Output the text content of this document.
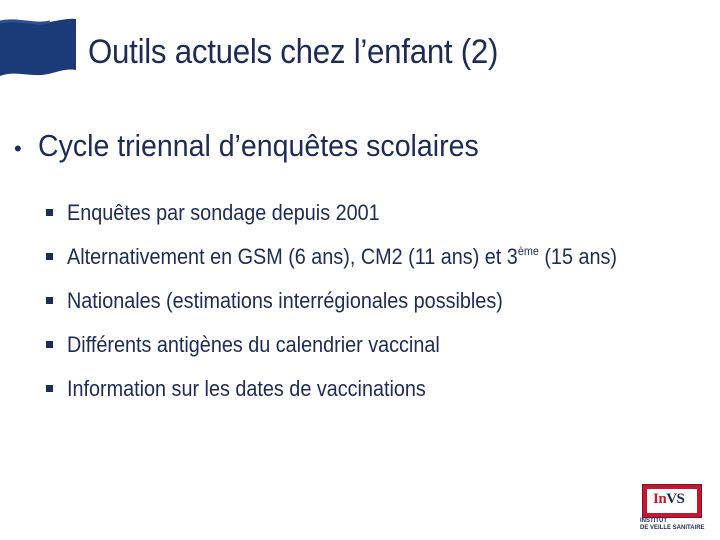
Outils actuels chez l’enfant (2)
• Cycle triennal d’enquêtes scolaires
Enquêtes par sondage depuis 2001
Alternativement en GSM (6 ans), CM2 (11 ans) et 3ème (15 ans)
Nationales (estimations interrégionales possibles)
Différents antigènes du calendrier vaccinal
Information sur les dates de vaccinations
InVS
INSTITUT
DE VEILLE SANITAIRE
